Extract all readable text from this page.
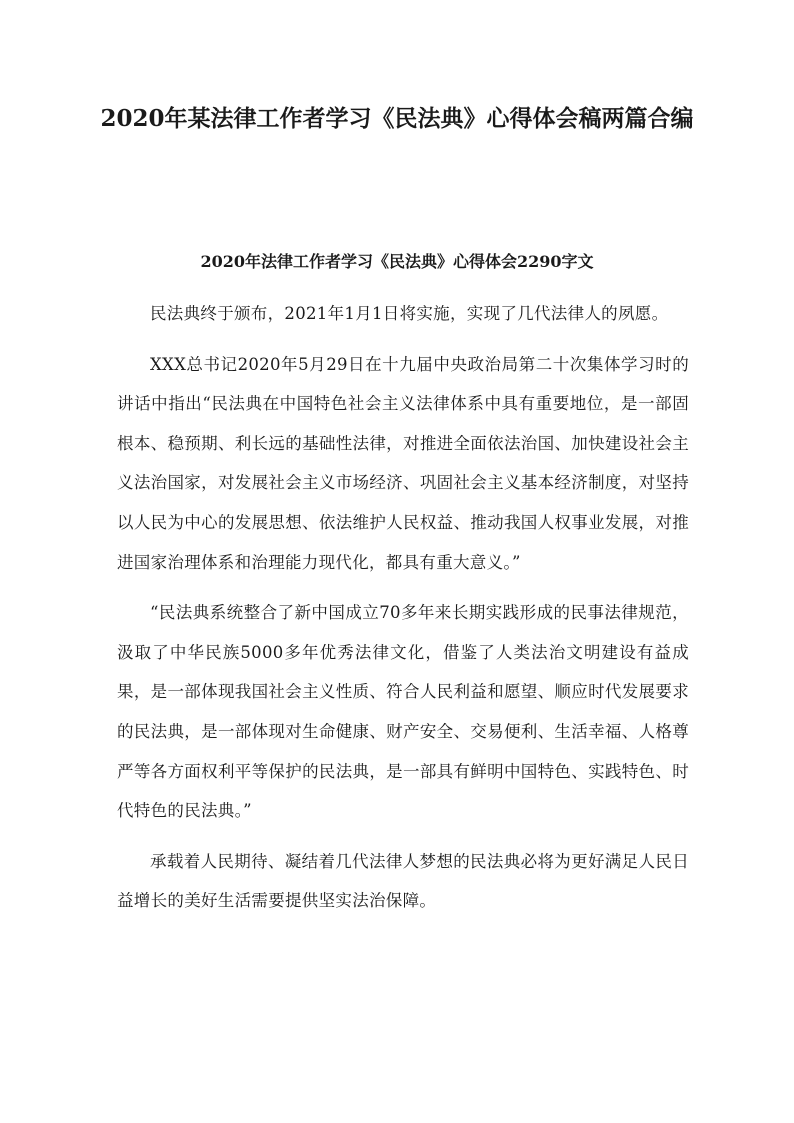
2020年某法律工作者学习《民法典》心得体会稿两篇合编
2020年法律工作者学习《民法典》心得体会2290字文

民法典终于颁布，2021年1月1日将实施，实现了几代法律人的夙愿。

XXX总书记2020年5月29日在十九届中央政治局第二十次集体学习时的讲话中指出“民法典在中国特色社会主义法律体系中具有重要地位，是一部固根本、稳预期、利长远的基础性法律，对推进全面依法治国、加快建设社会主义法治国家，对发展社会主义市场经济、巩固社会主义基本经济制度，对坚持以人民为中心的发展思想、依法维护人民权益、推动我国人权事业发展，对推进国家治理体系和治理能力现代化，都具有重大意义。”

“民法典系统整合了新中国成立70多年来长期实践形成的民事法律规范，汲取了中华民族5000多年优秀法律文化，借鉴了人类法治文明建设有益成果，是一部体现我国社会主义性质、符合人民利益和愿望、顺应时代发展要求的民法典，是一部体现对生命健康、财产安全、交易便利、生活幸福、人格尊严等各方面权利平等保护的民法典，是一部具有鲜明中国特色、实践特色、时代特色的民法典。”

承载着人民期待、凝结着几代法律人梦想的民法典必将为更好满足人民日益增长的美好生活需要提供坚实法治保障。
